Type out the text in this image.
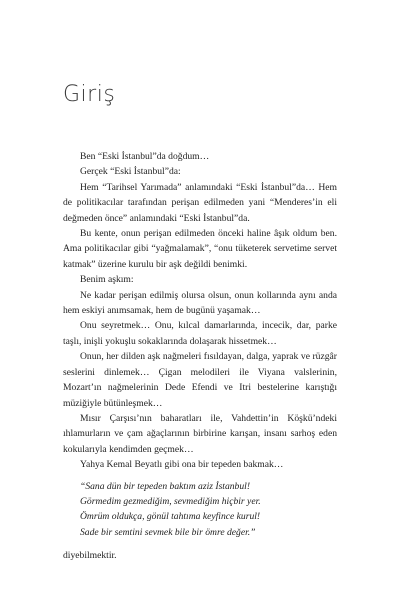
Giriş

Ben “Eski İstanbul”da doğdum…

Gerçek “Eski İstanbul”da:

Hem “Tarihsel Yarımada” anlamındaki “Eski İstanbul”da… Hem de politikacılar tarafından perişan edilmeden yani “Menderes’in eli değmeden önce” anlamındaki “Eski İstanbul”da.

Bu kente, onun perişan edilmeden önceki haline âşık oldum ben. Ama politikacılar gibi “yağmalamak”, “onu tüketerek servetime servet katmak” üzerine kurulu bir aşk değildi benimki.

Benim aşkım:

Ne kadar perişan edilmiş olursa olsun, onun kollarında aynı anda hem eskiyi anımsamak, hem de bugünü yaşamak…

Onu seyretmek… Onu, kılcal damarlarında, incecik, dar, parke taşlı, inişli yokuşlu sokaklarında dolaşarak hissetmek…

Onun, her dilden aşk nağmeleri fısıldayan, dalga, yaprak ve rüzgâr seslerini dinlemek… Çigan melodileri ile Viyana valslerinin, Mozart’ın nağmelerinin Dede Efendi ve Itri bestelerine karıştığı müziğiyle bütünleşmek…

Mısır Çarşısı’nın baharatları ile, Vahdettin’in Köşkü’ndeki ıhlamurların ve çam ağaçlarının birbirine karışan, insanı sarhoş eden kokularıyla kendimden geçmek…

Yahya Kemal Beyatlı gibi ona bir tepeden bakmak…

“Sana dün bir tepeden baktım aziz İstanbul!
Görmedim gezmediğim, sevmediğim hiçbir yer.
Ömrüm oldukça, gönül tahtıma keyfince kurul!
Sade bir semtini sevmek bile bir ömre değer.”

diyebilmektir.
